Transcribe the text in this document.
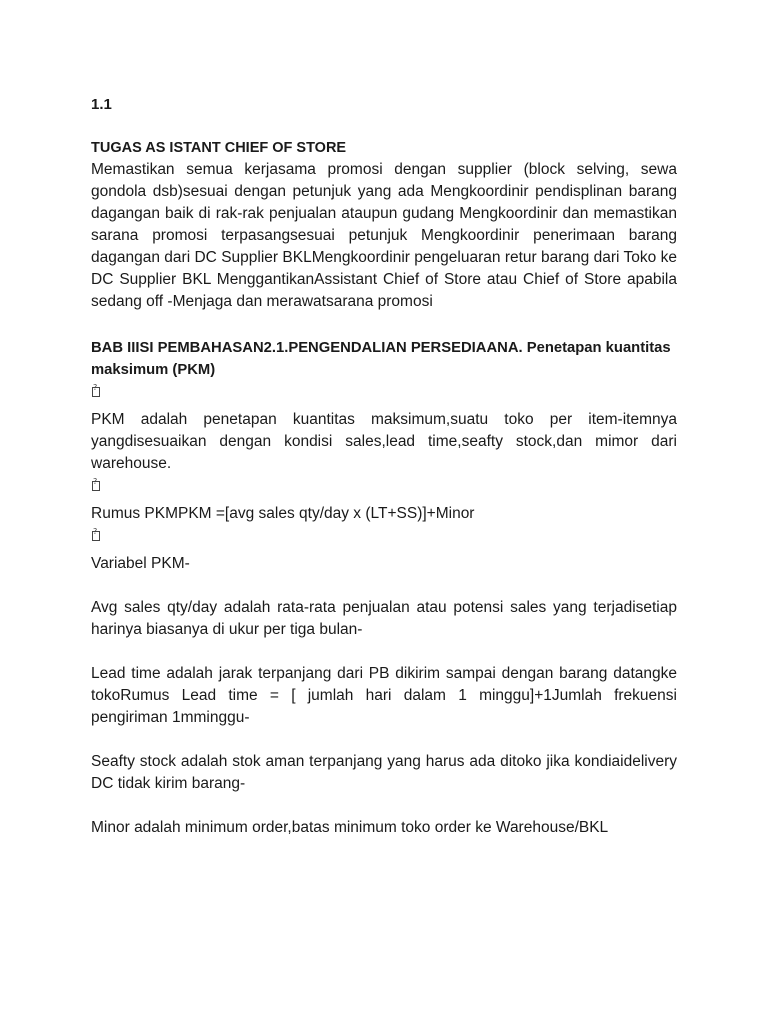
1.1

TUGAS AS ISTANT CHIEF OF STORE

Memastikan semua kerjasama promosi dengan supplier (block selving, sewa gondola dsb)sesuai dengan petunjuk yang ada Mengkoordinir pendisplinan barang dagangan baik di rak-rak penjualan ataupun gudang Mengkoordinir dan memastikan sarana promosi terpasangsesuai petunjuk Mengkoordinir penerimaan barang dagangan dari DC Supplier BKLMengkoordinir pengeluaran retur barang dari Toko ke DC Supplier BKL MenggantikanAssistant Chief of Store atau Chief of Store apabila sedang off -Menjaga dan merawatsarana promosi

BAB IIISI PEMBAHASAN2.1.PENGENDALIAN PERSEDIAANA. Penetapan kuantitas maksimum (PKM)

?

PKM adalah penetapan kuantitas maksimum,suatu toko per item-itemnya yangdisesuaikan dengan kondisi sales,lead time,seafty stock,dan mimor dari warehouse.

?

Rumus PKMPKM =[avg sales qty/day x (LT+SS)]+Minor

?

Variabel PKM-

Avg sales qty/day adalah rata-rata penjualan atau potensi sales yang terjadisetiap harinya biasanya di ukur per tiga bulan-

Lead time adalah jarak terpanjang dari PB dikirim sampai dengan barang datangke tokoRumus Lead time = [ jumlah hari dalam 1 minggu]+1Jumlah frekuensi pengiriman 1mminggu-

Seafty stock adalah stok aman terpanjang yang harus ada ditoko jika kondiaidelivery DC tidak kirim barang-

Minor adalah minimum order,batas minimum toko order ke Warehouse/BKL
